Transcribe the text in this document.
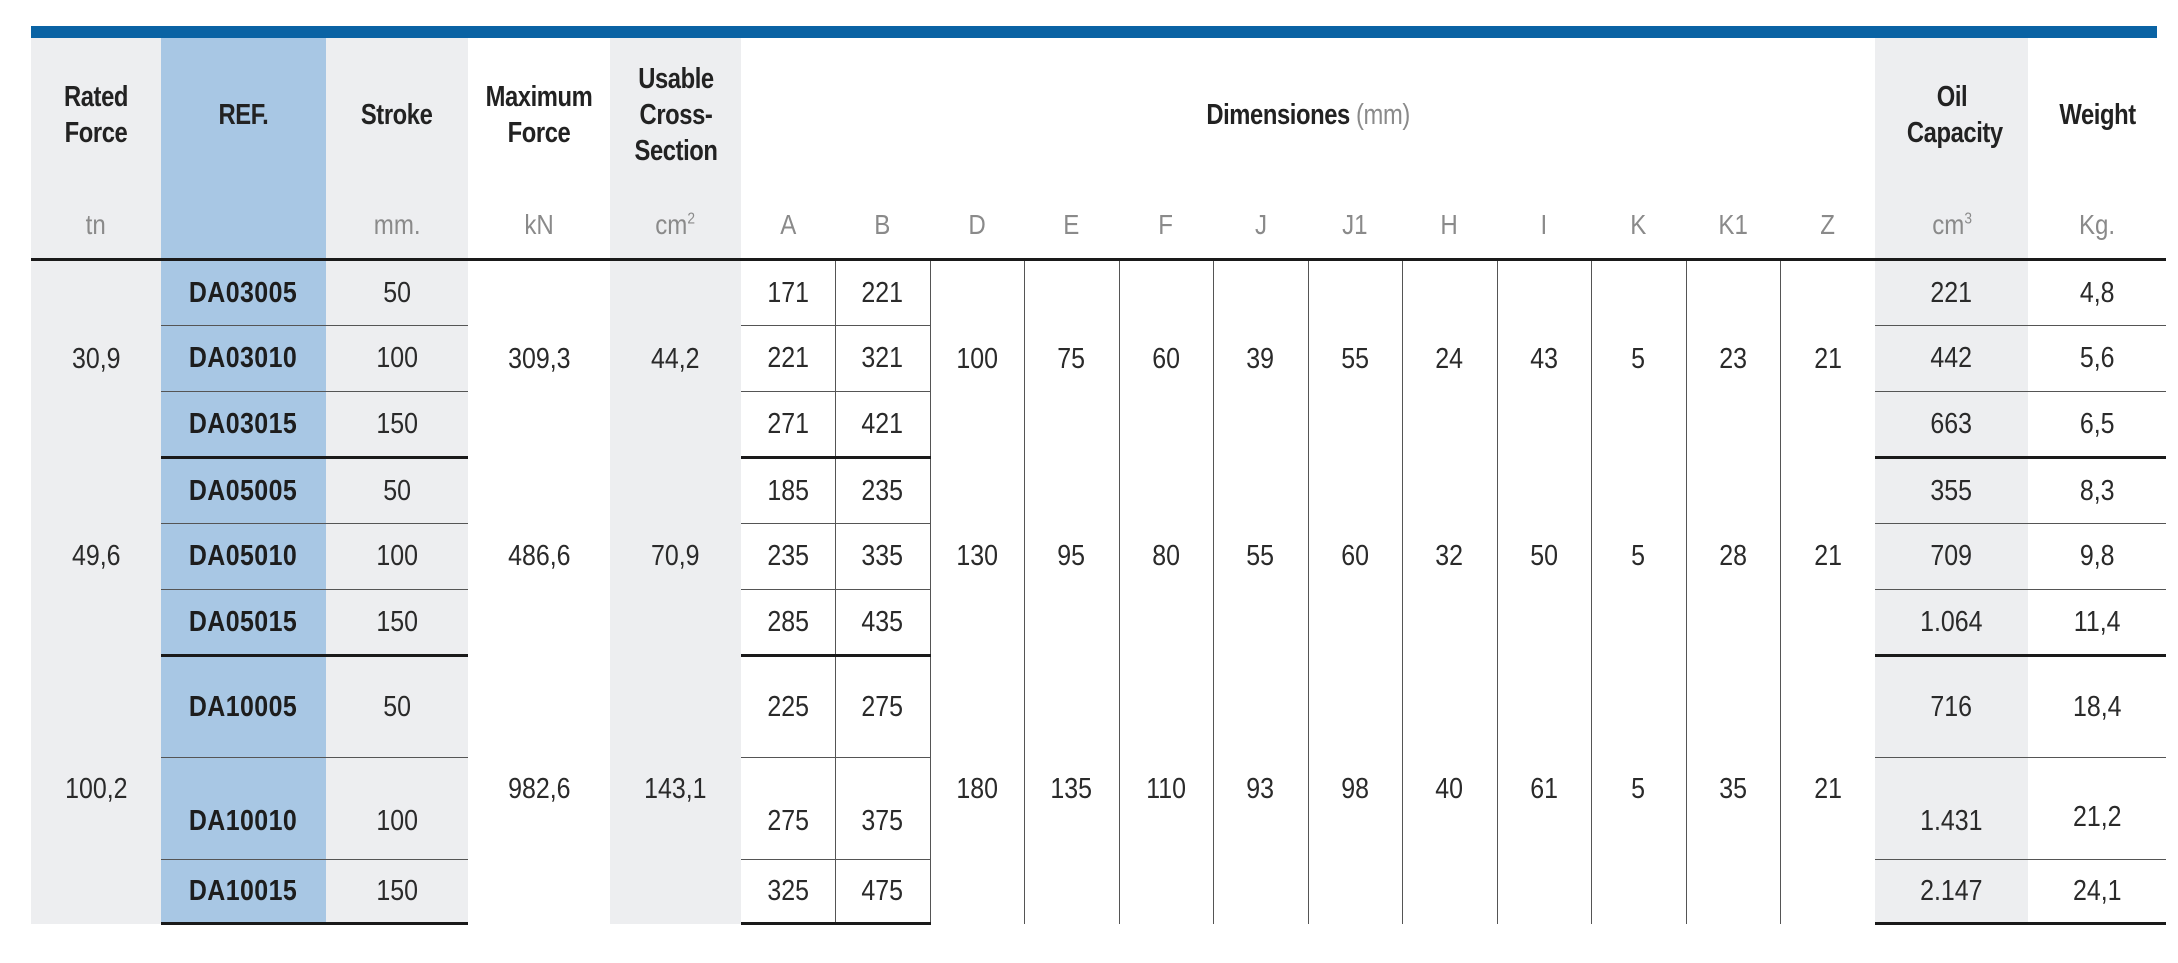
Rated Force	REF.	Stroke	Maximum Force	Usable Cross-Section	Dimensiones (mm)												Oil Capacity	Weight
tn		mm.	kN	$cm^2$	A	B	D	E	F	J	J1	H	I	K	K1	Z	$cm^3$	Kg.
30,9	DA03005	50	309,3	44,2	171	221	100	75	60	39	55	24	43	5	23	21	221	4,8
	DA03010	100			221	321											442	5,6
	DA03015	150			271	421											663	6,5
49,6	DA05005	50	486,6	70,9	185	235	130	95	80	55	60	32	50	5	28	21	355	8,3
	DA05010	100			235	335											709	9,8
	DA05015	150			285	435											1.064	11,4
100,2	DA10005	50	982,6	143,1	225	275	180	135	110	93	98	40	61	5	35	21	716	18,4
	DA10010	100			275	375											1.431	21,2
	DA10015	150			325	475											2.147	24,1
